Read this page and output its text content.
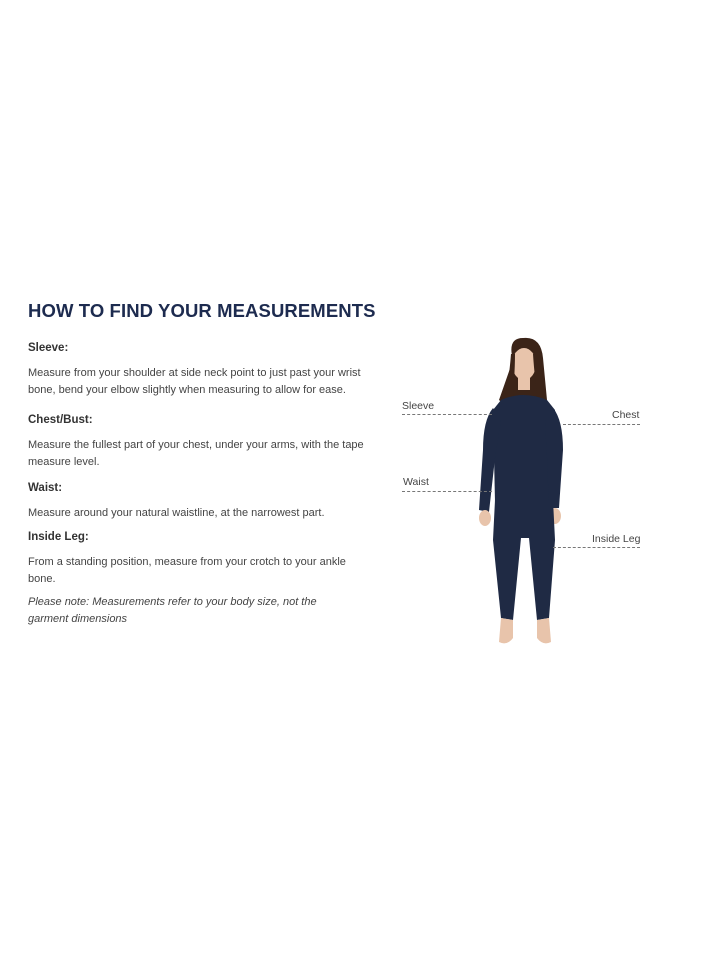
HOW TO FIND YOUR MEASUREMENTS

Sleeve:

Measure from your shoulder at side neck point to just past your wrist bone, bend your elbow slightly when measuring to allow for ease.

Chest/Bust:

Measure the fullest part of your chest, under your arms, with the tape measure level.

Waist:

Measure around your natural waistline, at the narrowest part.

Inside Leg:

From a standing position, measure from your crotch to your ankle bone.

Please note: Measurements refer to your body size, not the garment dimensions

Sleeve
Chest
Waist
Inside Leg
